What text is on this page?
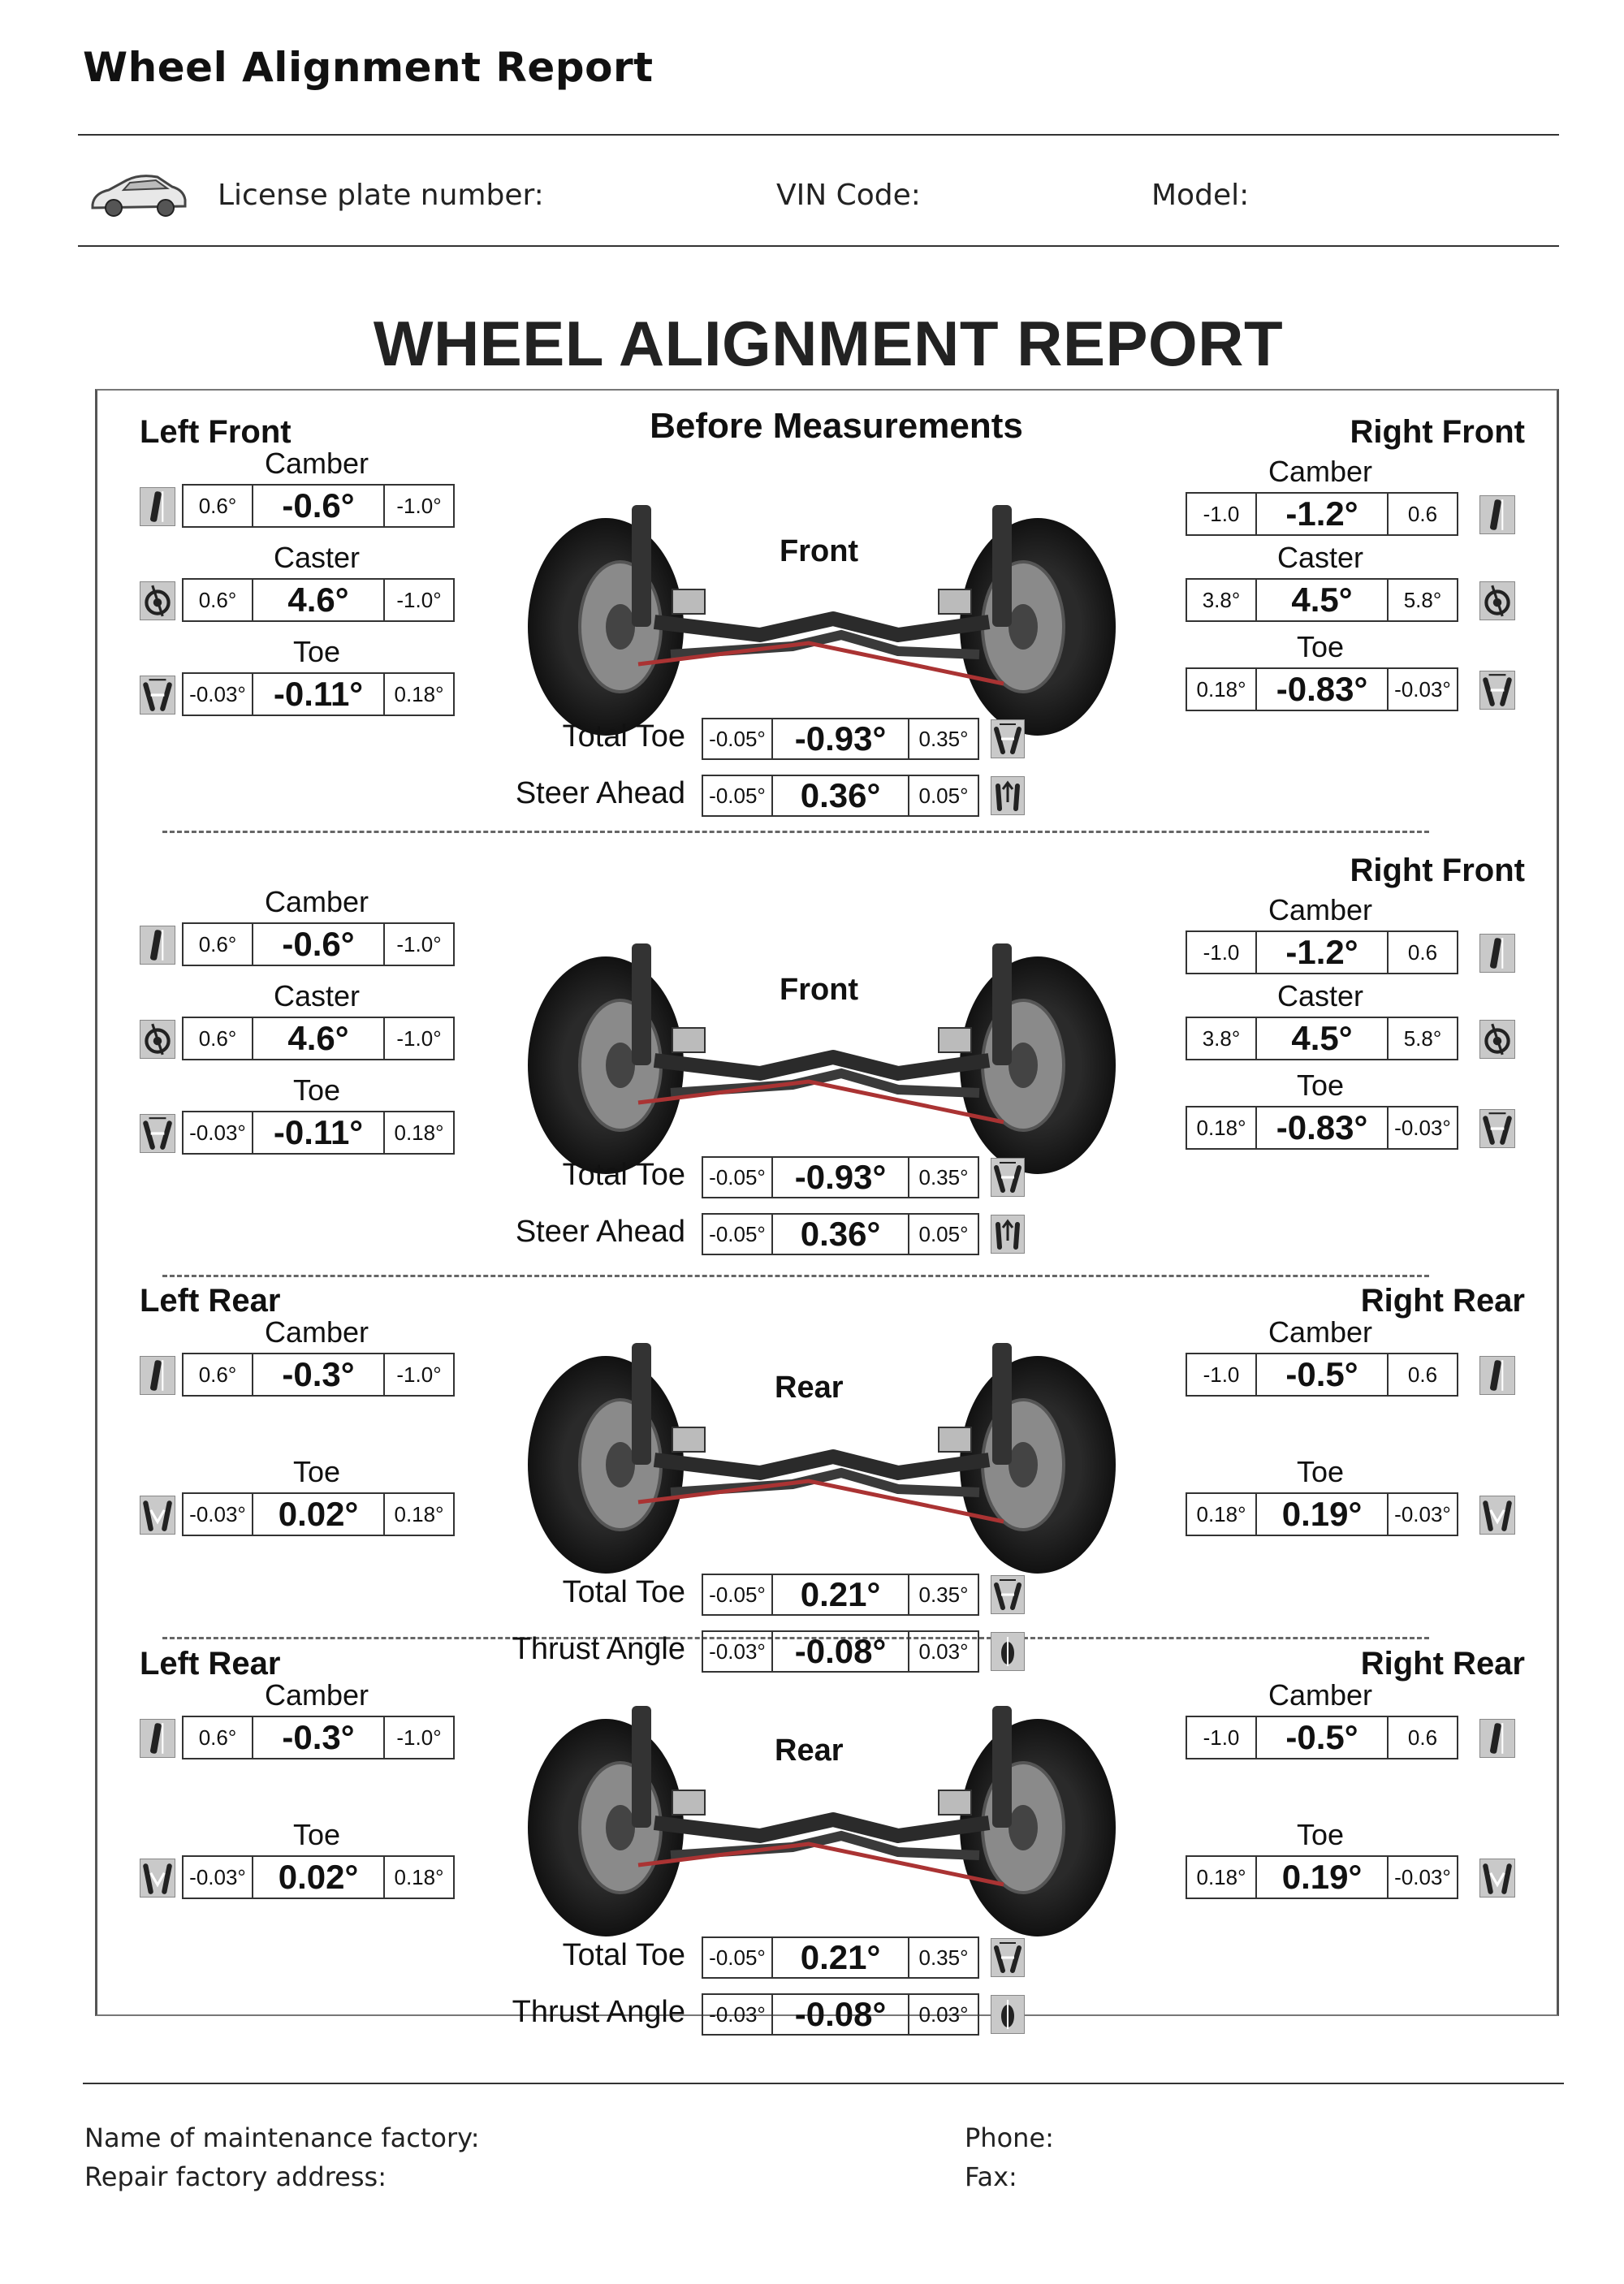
Wheel Alignment Report
License plate number:	VIN Code:	Model:
WHEEL ALIGNMENT REPORT
Before Measurements
Left Front	Right Front
Camber
0.6°	-0.6°	-1.0°
Caster
0.6°	4.6°	-1.0°
Toe
-0.03° -0.11°	0.18°
Camber
-1.0	-1.2°	0.6
Caster
3.8°	4.5°	5.8°
Toe
0.18° -0.83°	-0.03°
Front
Total Toe -0.05° -0.93°	0.35°
Steer Ahead -0.05°	0.36°	0.05°
Right Front
Camber
0.6°	-0.6°	-1.0°
Caster
0.6°	4.6°	-1.0°
Toe
-0.03° -0.11°	0.18°
Camber
-1.0	-1.2°	0.6
Caster
3.8°	4.5°	5.8°
Toe
0.18° -0.83°	-0.03°
Front
Total Toe -0.05° -0.93°	0.35°
Steer Ahead -0.05°	0.36°	0.05°
Left Rear	Right Rear
Camber
0.6°	-0.3°	-1.0°
Toe
-0.03° 0.02°	0.18°
Camber
-1.0	-0.5°	0.6
Toe
0.18°	0.19°	-0.03°
Rear
Total Toe -0.05°	0.21°	0.35°
Thrust Angle -0.03° -0.08°	0.03°
Left Rear	Right Rear
Camber
0.6°	-0.3°	-1.0°
Toe
-0.03° 0.02°	0.18°
Camber
-1.0	-0.5°	0.6
Toe
0.18°	0.19°	-0.03°
Rear
Total Toe -0.05°	0.21°	0.35°
Thrust Angle -0.03° -0.08°	0.03°
Name of maintenance factory:
Repair factory address:
Phone:
Fax:
